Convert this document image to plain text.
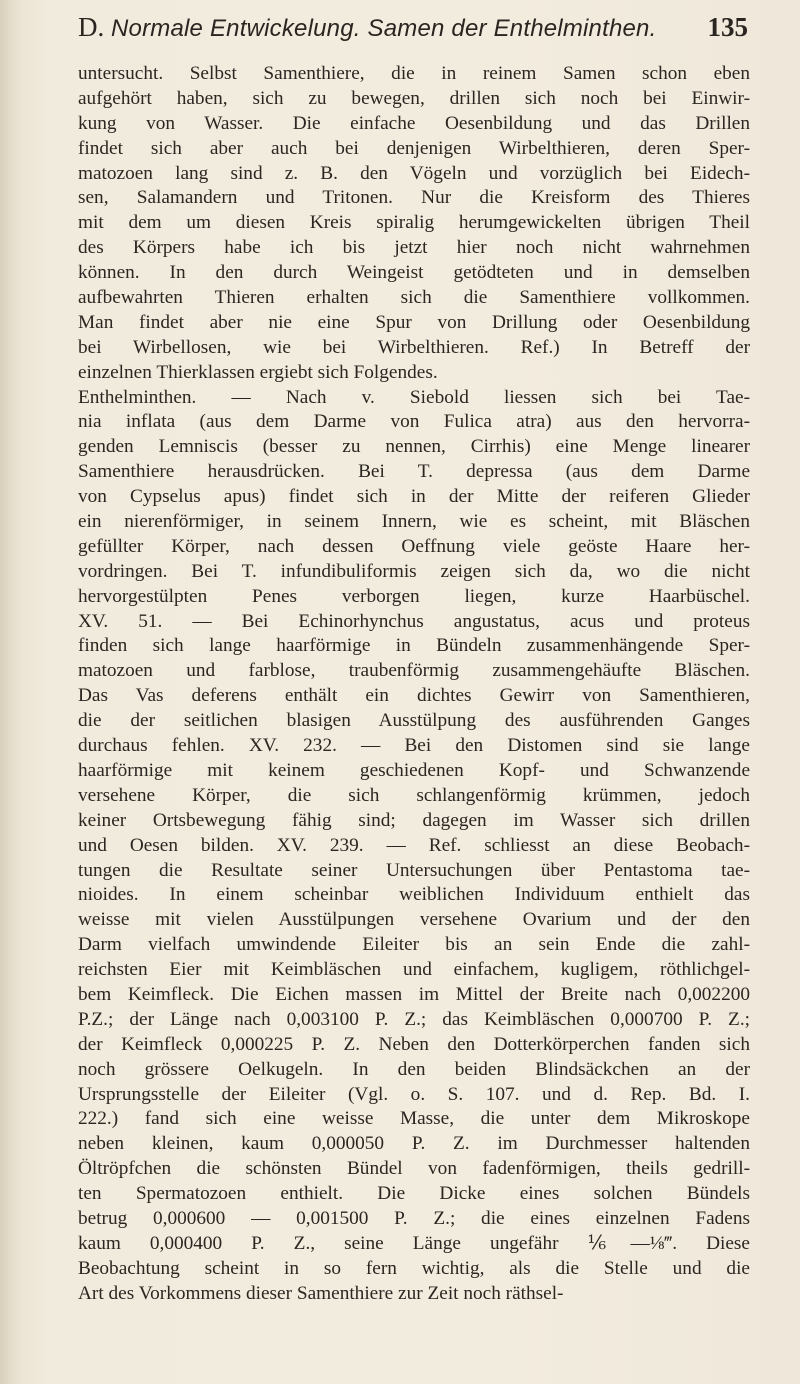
D. Normale Entwickelung. Samen der Enthelminthen.	135
untersucht. Selbst Samenthiere, die in reinem Samen schon eben
aufgehört haben, sich zu bewegen, drillen sich noch bei Einwir-
kung von Wasser. Die einfache Oesenbildung und das Drillen
findet sich aber auch bei denjenigen Wirbelthieren, deren Sper-
matozoen lang sind z. B. den Vögeln und vorzüglich bei Eidech-
sen, Salamandern und Tritonen. Nur die Kreisform des Thieres
mit dem um diesen Kreis spiralig herumgewickelten übrigen Theil
des Körpers habe ich bis jetzt hier noch nicht wahrnehmen
können. In den durch Weingeist getödteten und in demselben
aufbewahrten Thieren erhalten sich die Samenthiere vollkommen.
Man findet aber nie eine Spur von Drillung oder Oesenbildung
bei Wirbellosen, wie bei Wirbelthieren. Ref.) In Betreff der
einzelnen Thierklassen ergiebt sich Folgendes.
Enthelminthen. — Nach v. Siebold liessen sich bei Tae-
nia inflata (aus dem Darme von Fulica atra) aus den hervorra-
genden Lemniscis (besser zu nennen, Cirrhis) eine Menge linearer
Samenthiere herausdrücken. Bei T. depressa (aus dem Darme
von Cypselus apus) findet sich in der Mitte der reiferen Glieder
ein nierenförmiger, in seinem Innern, wie es scheint, mit Bläschen
gefüllter Körper, nach dessen Oeffnung viele geöste Haare her-
vordringen. Bei T. infundibuliformis zeigen sich da, wo die nicht
hervorgestülpten Penes verborgen liegen, kurze Haarbüschel.
XV. 51. — Bei Echinorhynchus angustatus, acus und proteus
finden sich lange haarförmige in Bündeln zusammenhängende Sper-
matozoen und farblose, traubenförmig zusammengehäufte Bläschen.
Das Vas deferens enthält ein dichtes Gewirr von Samenthieren,
die der seitlichen blasigen Ausstülpung des ausführenden Ganges
durchaus fehlen. XV. 232. — Bei den Distomen sind sie lange
haarförmige mit keinem geschiedenen Kopf- und Schwanzende
versehene Körper, die sich schlangenförmig krümmen, jedoch
keiner Ortsbewegung fähig sind; dagegen im Wasser sich drillen
und Oesen bilden. XV. 239. — Ref. schliesst an diese Beobach-
tungen die Resultate seiner Untersuchungen über Pentastoma tae-
nioides. In einem scheinbar weiblichen Individuum enthielt das
weisse mit vielen Ausstülpungen versehene Ovarium und der den
Darm vielfach umwindende Eileiter bis an sein Ende die zahl-
reichsten Eier mit Keimbläschen und einfachem, kugligem, röthlichgel-
bem Keimfleck. Die Eichen massen im Mittel der Breite nach 0,002200
P.Z.; der Länge nach 0,003100 P. Z.; das Keimbläschen 0,000700 P. Z.;
der Keimfleck 0,000225 P. Z. Neben den Dotterkörperchen fanden sich
noch grössere Oelkugeln. In den beiden Blindsäckchen an der
Ursprungsstelle der Eileiter (Vgl. o. S. 107. und d. Rep. Bd. I.
222.) fand sich eine weisse Masse, die unter dem Mikroskope
neben kleinen, kaum 0,000050 P. Z. im Durchmesser haltenden
Öltröpfchen die schönsten Bündel von fadenförmigen, theils gedrill-
ten Spermatozoen enthielt. Die Dicke eines solchen Bündels
betrug 0,000600 — 0,001500 P. Z.; die eines einzelnen Fadens
kaum 0,000400 P. Z., seine Länge ungefähr ⅙—⅛‴. Diese
Beobachtung scheint in so fern wichtig, als die Stelle und die
Art des Vorkommens dieser Samenthiere zur Zeit noch räthsel-
